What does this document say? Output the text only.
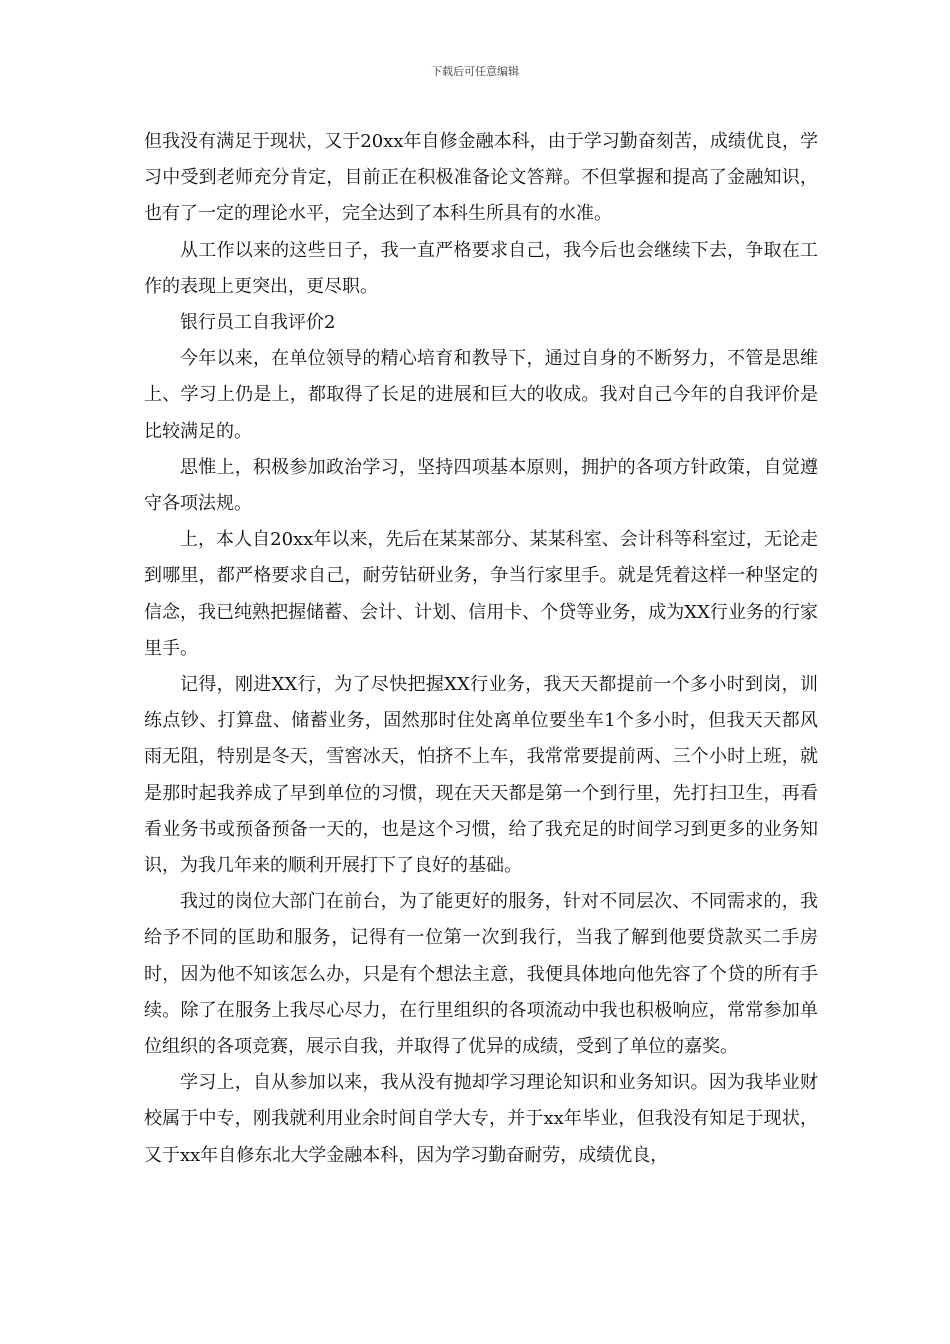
下载后可任意编辑

但我没有满足于现状，又于20xx年自修金融本科，由于学习勤奋刻苦，成绩优良，学习中受到老师充分肯定，目前正在积极准备论文答辩。不但掌握和提高了金融知识，也有了一定的理论水平，完全达到了本科生所具有的水准。

从工作以来的这些日子，我一直严格要求自己，我今后也会继续下去，争取在工作的表现上更突出，更尽职。

银行员工自我评价2

今年以来，在单位领导的精心培育和教导下，通过自身的不断努力，不管是思维上、学习上仍是上，都取得了长足的进展和巨大的收成。我对自己今年的自我评价是比较满足的。

思惟上，积极参加政治学习，坚持四项基本原则，拥护的各项方针政策，自觉遵守各项法规。

上，本人自20xx年以来，先后在某某部分、某某科室、会计科等科室过，无论走到哪里，都严格要求自己，耐劳钻研业务，争当行家里手。就是凭着这样一种坚定的信念，我已纯熟把握储蓄、会计、计划、信用卡、个贷等业务，成为XX行业务的行家里手。

记得，刚进XX行，为了尽快把握XX行业务，我天天都提前一个多小时到岗，训练点钞、打算盘、储蓄业务，固然那时住处离单位要坐车1个多小时，但我天天都风雨无阻，特别是冬天，雪窖冰天，怕挤不上车，我常常要提前两、三个小时上班，就是那时起我养成了早到单位的习惯，现在天天都是第一个到行里，先打扫卫生，再看看业务书或预备预备一天的，也是这个习惯，给了我充足的时间学习到更多的业务知识，为我几年来的顺利开展打下了良好的基础。

我过的岗位大部门在前台，为了能更好的服务，针对不同层次、不同需求的，我给予不同的匡助和服务，记得有一位第一次到我行，当我了解到他要贷款买二手房时，因为他不知该怎么办，只是有个想法主意，我便具体地向他先容了个贷的所有手续。除了在服务上我尽心尽力，在行里组织的各项流动中我也积极响应，常常参加单位组织的各项竞赛，展示自我，并取得了优异的成绩，受到了单位的嘉奖。

学习上，自从参加以来，我从没有抛却学习理论知识和业务知识。因为我毕业财校属于中专，刚我就利用业余时间自学大专，并于xx年毕业，但我没有知足于现状，又于xx年自修东北大学金融本科，因为学习勤奋耐劳，成绩优良，
